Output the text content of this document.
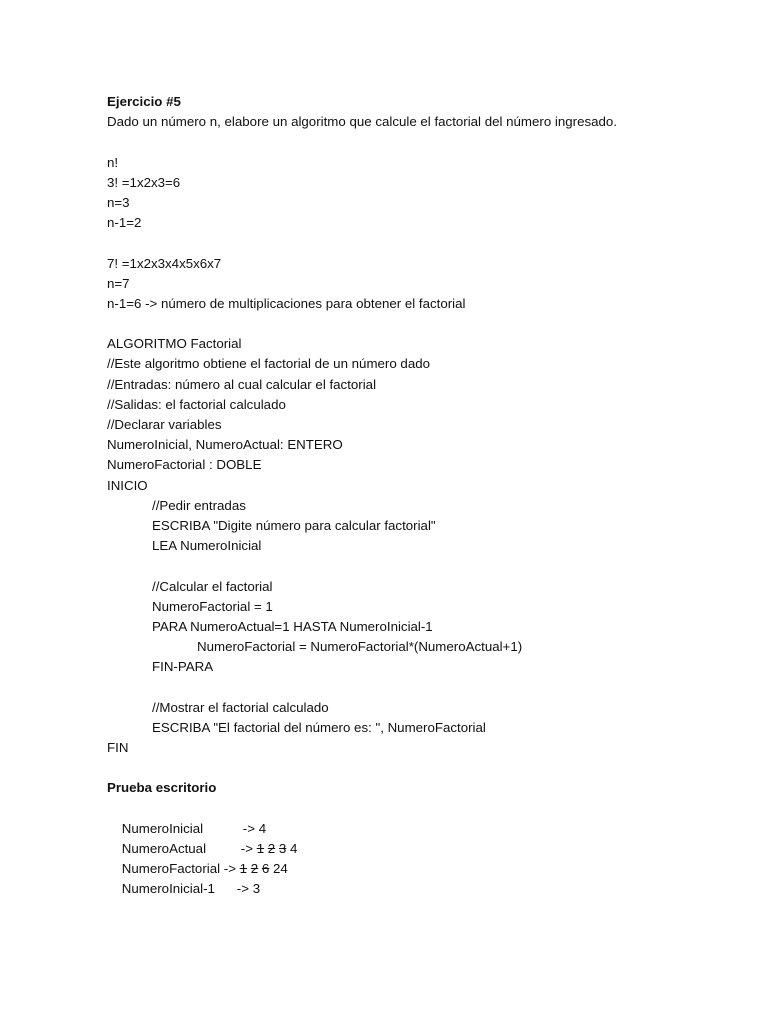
Ejercicio #5
Dado un número n, elabore un algoritmo que calcule el factorial del número ingresado.
n!
3! =1x2x3=6
n=3
n-1=2
7! =1x2x3x4x5x6x7
n=7
n-1=6 -> número de multiplicaciones para obtener el factorial
ALGORITMO Factorial
//Este algoritmo obtiene el factorial de un número dado
//Entradas: número al cual calcular el factorial
//Salidas: el factorial calculado
//Declarar variables
NumeroInicial, NumeroActual: ENTERO
NumeroFactorial : DOBLE
INICIO
//Pedir entradas
ESCRIBA "Digite número para calcular factorial"
LEA NumeroInicial
//Calcular el factorial
NumeroFactorial = 1
PARA NumeroActual=1 HASTA NumeroInicial-1
NumeroFactorial = NumeroFactorial*(NumeroActual+1)
FIN-PARA
//Mostrar el factorial calculado
ESCRIBA "El factorial del número es: ", NumeroFactorial
FIN
Prueba escritorio

NumeroInicial	-> 4

NumeroActual	-> 1 2 3 4

NumeroFactorial -> 1 2 6 24

NumeroInicial-1 -> 3
